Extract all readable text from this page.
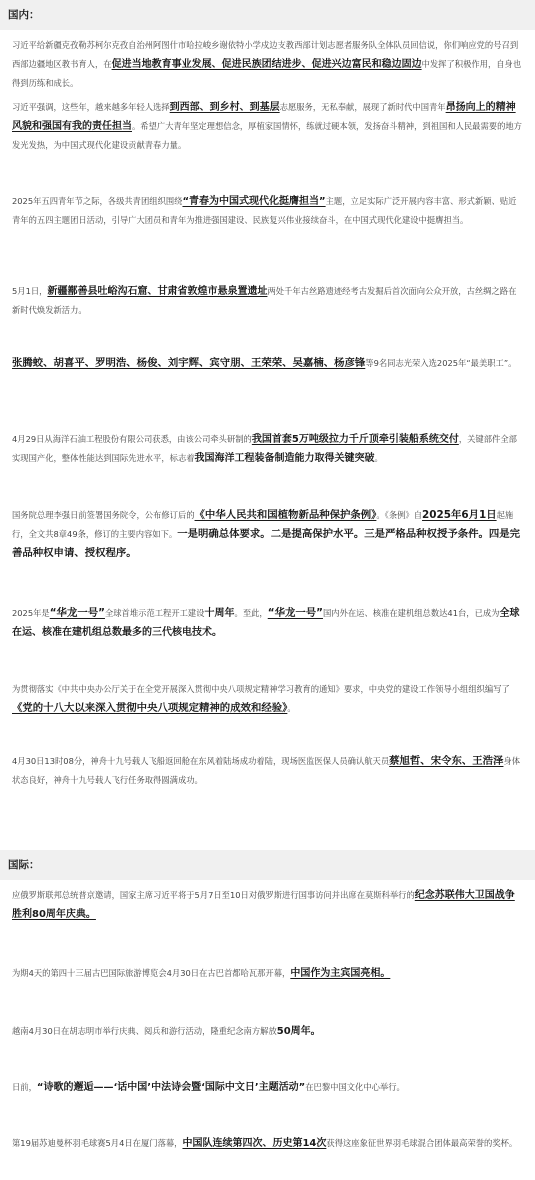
国内：

习近平给新疆克孜勒苏柯尔克孜自治州阿图什市哈拉峻乡谢依特小学戍边支教西部计划志愿者服务队全体队员回信说，你们响应党的号召到西部边疆地区教书育人，在促进当地教育事业发展、促进民族团结进步、促进兴边富民和稳边固边中发挥了积极作用，自身也得到历练和成长。

习近平强调，这些年，越来越多年轻人选择到西部、到乡村、到基层志愿服务，无私奉献，展现了新时代中国青年昂扬向上的精神风貌和强国有我的责任担当。希望广大青年坚定理想信念，厚植家国情怀，练就过硬本领，发扬奋斗精神，到祖国和人民最需要的地方发光发热，为中国式现代化建设贡献青春力量。

2025年五四青年节之际，各级共青团组织围绕“青春为中国式现代化挺膺担当”主题，立足实际广泛开展内容丰富、形式新颖、贴近青年的五四主题团日活动，引导广大团员和青年为推进强国建设、民族复兴伟业接续奋斗，在中国式现代化建设中挺膺担当。

5月1日，新疆鄯善县吐峪沟石窟、甘肃省敦煌市悬泉置遗址两处千年古丝路遗迹经考古发掘后首次面向公众开放，古丝绸之路在新时代焕发新活力。

张腾蛟、胡喜平、罗明浩、杨俊、刘宇辉、宾守朋、王荣荣、吴嘉楠、杨彦锋等9名同志光荣入选2025年“最美职工”。

4月29日从海洋石油工程股份有限公司获悉，由该公司牵头研制的我国首套5万吨级拉力千斤顶牵引装船系统交付，关键部件全部实现国产化，整体性能达到国际先进水平，标志着我国海洋工程装备制造能力取得关键突破。

国务院总理李强日前签署国务院令，公布修订后的《中华人民共和国植物新品种保护条例》。《条例》自2025年6月1日起施行，全文共8章49条，修订的主要内容如下。一是明确总体要求。二是提高保护水平。三是严格品种权授予条件。四是完善品种权申请、授权程序。

2025年是“华龙一号”全球首堆示范工程开工建设十周年。至此，“华龙一号”国内外在运、核准在建机组总数达41台，已成为全球在运、核准在建机组总数最多的三代核电技术。

为贯彻落实《中共中央办公厅关于在全党开展深入贯彻中央八项规定精神学习教育的通知》要求，中央党的建设工作领导小组组织编写了《党的十八大以来深入贯彻中央八项规定精神的成效和经验》。

4月30日13时08分，神舟十九号载人飞船返回舱在东风着陆场成功着陆，现场医监医保人员确认航天员蔡旭哲、宋令东、王浩泽身体状态良好，神舟十九号载人飞行任务取得圆满成功。

国际：

应俄罗斯联邦总统普京邀请，国家主席习近平将于5月7日至10日对俄罗斯进行国事访问并出席在莫斯科举行的纪念苏联伟大卫国战争胜利80周年庆典。

为期4天的第四十三届古巴国际旅游博览会4月30日在古巴首都哈瓦那开幕，中国作为主宾国亮相。

越南4月30日在胡志明市举行庆典、阅兵和游行活动，隆重纪念南方解放50周年。

日前，“诗歌的邂逅——‘话中国’中法诗会暨‘国际中文日’主题活动”在巴黎中国文化中心举行。

第19届苏迪曼杯羽毛球赛5月4日在厦门落幕，中国队连续第四次、历史第14次获得这座象征世界羽毛球混合团体最高荣誉的奖杯。
